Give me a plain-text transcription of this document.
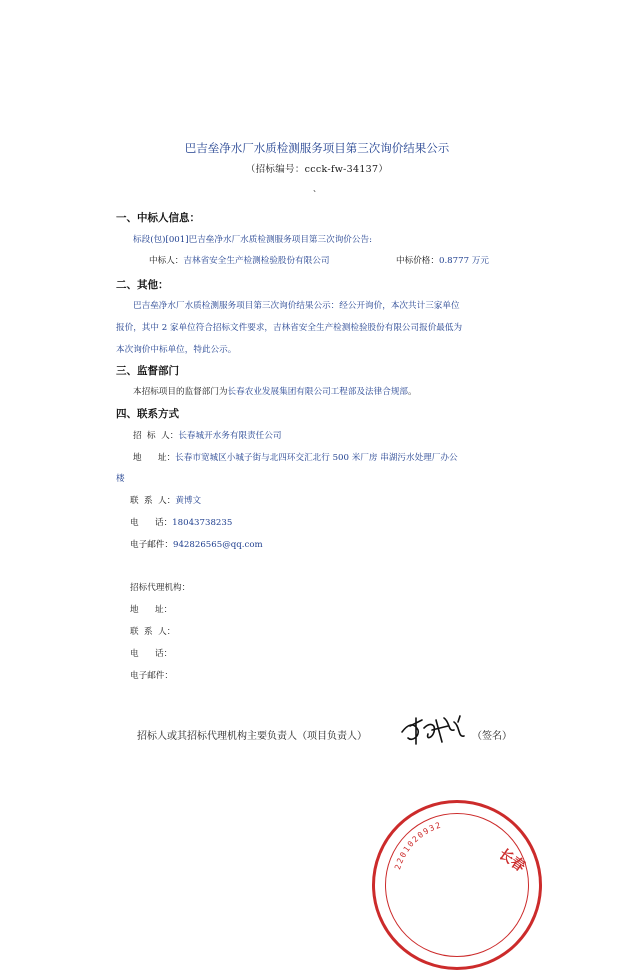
巴吉垒净水厂水质检测服务项目第三次询价结果公示
（招标编号：ccck-fw-34137）
、
一、中标人信息：
标段(包)[001]巴吉垒净水厂水质检测服务项目第三次询价公告:
中标人：吉林省安全生产检测检验股份有限公司	中标价格：0.8777 万元
二、其他：
巴吉垒净水厂水质检测服务项目第三次询价结果公示：经公开询价，本次共计三家单位
报价，其中 2 家单位符合招标文件要求，吉林省安全生产检测检验股份有限公司报价最低为
本次询价中标单位，特此公示。
三、监督部门
本招标项目的监督部门为长春农业发展集团有限公司工程部及法律合规部。
四、联系方式
招  标  人：长春城开水务有限责任公司
地      址：长春市宽城区小城子街与北四环交汇北行 500 米厂房 串湖污水处理厂办公
楼
联  系  人：黄博文
电      话：18043738235
电子邮件：942826565@qq.com
招标代理机构：
地      址：
联  系  人：
电      话：
电子邮件：
招标人或其招标代理机构主要负责人（项目负责人）	（签名）
2201020932
长春
